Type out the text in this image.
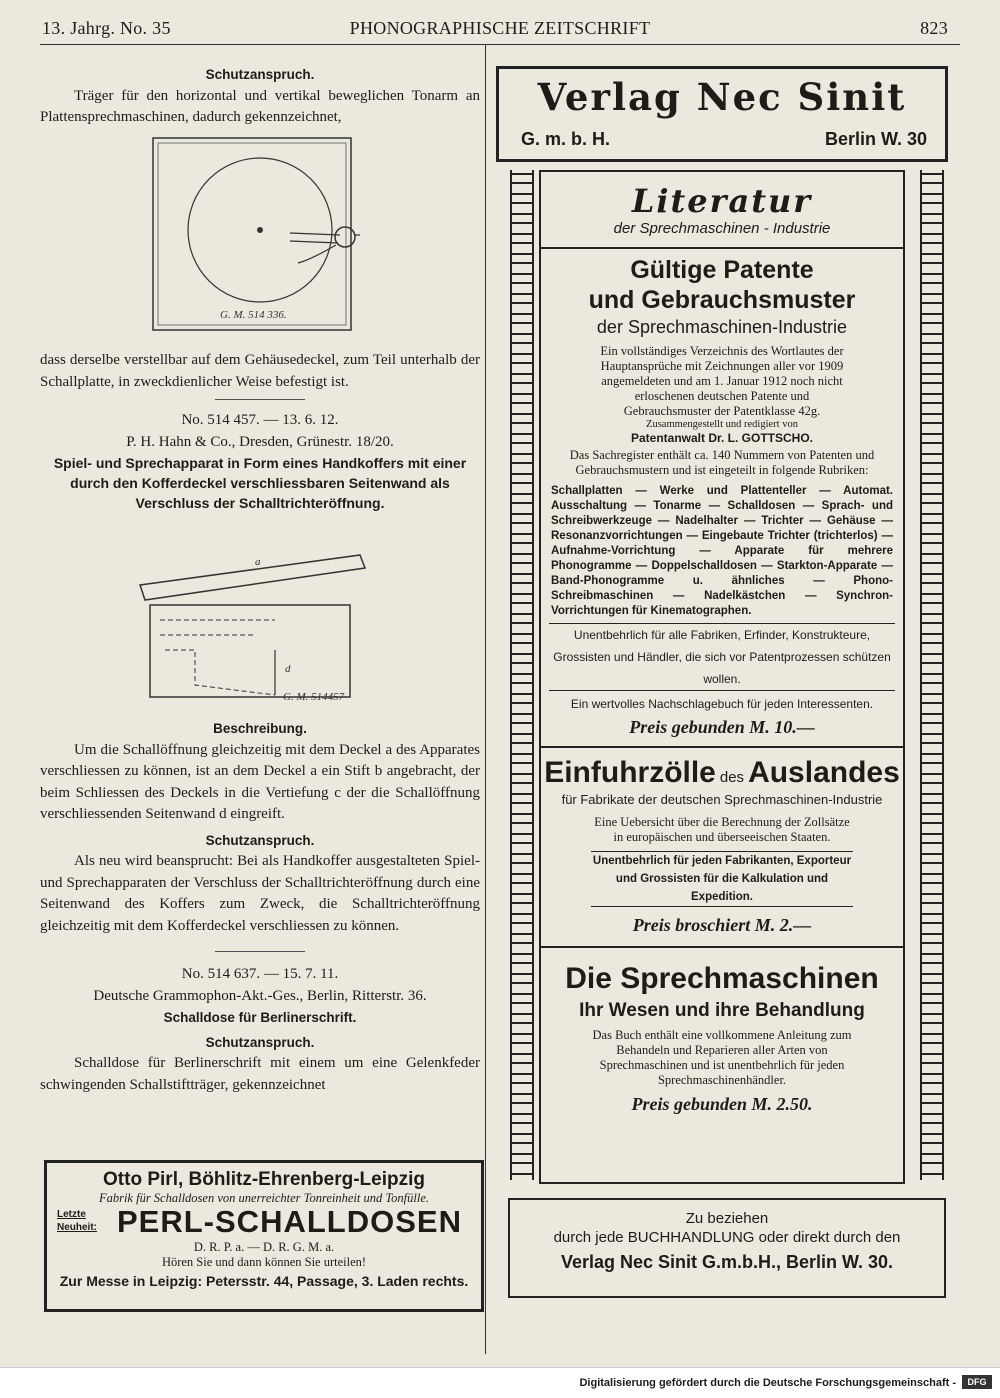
13. Jahrg. No. 35	PHONOGRAPHISCHE ZEITSCHRIFT	823
Schutzanspruch.
Träger für den horizontal und vertikal beweglichen Tonarm an Plattensprechmaschinen, dadurch gekennzeichnet,
G. M. 514 336.
dass derselbe verstellbar auf dem Gehäusedeckel, zum Teil unterhalb der Schallplatte, in zweckdienlicher Weise befestigt ist.
No. 514 457. — 13. 6. 12.
P. H. Hahn & Co., Dresden, Grünestr. 18/20.
Spiel- und Sprechapparat in Form eines Handkoffers mit einer durch den Kofferdeckel verschliessbaren Seitenwand als Verschluss der Schalltrichteröffnung.
a
d
G. M. 514457
Beschreibung.
Um die Schallöffnung gleichzeitig mit dem Deckel a des Apparates verschliessen zu können, ist an dem Deckel a ein Stift b angebracht, der beim Schliessen des Deckels in die Vertiefung c der die Schallöffnung verschliessenden Seitenwand d eingreift.
Schutzanspruch.
Als neu wird beansprucht: Bei als Handkoffer ausgestalteten Spiel- und Sprechapparaten der Verschluss der Schalltrichteröffnung durch eine Seitenwand des Koffers zum Zweck, die Schalltrichteröffnung gleichzeitig mit dem Kofferdeckel verschliessen zu können.
No. 514 637. — 15. 7. 11.
Deutsche Grammophon-Akt.-Ges., Berlin, Ritterstr. 36.
Schalldose für Berlinerschrift.
Schutzanspruch.
Schalldose für Berlinerschrift mit einem um eine Gelenkfeder schwingenden Schallstiftträger, gekennzeichnet
Otto Pirl, Böhlitz-Ehrenberg-Leipzig
Fabrik für Schalldosen von unerreichter Tonreinheit und Tonfülle.
Letzte
Neuheit: PERL-SCHALLDOSEN
D. R. P. a. — D. R. G. M. a.
Hören Sie und dann können Sie urteilen!
Zur Messe in Leipzig: Petersstr. 44, Passage, 3. Laden rechts.
Verlag Nec Sinit
G. m. b. H.	Berlin W. 30
Literatur
der Sprechmaschinen - Industrie
Gültige Patente
und Gebrauchsmuster
der Sprechmaschinen-Industrie
Ein vollständiges Verzeichnis des Wortlautes der Hauptansprüche mit Zeichnungen aller vor 1909 angemeldeten und am 1. Januar 1912 noch nicht erloschenen deutschen Patente und Gebrauchsmuster der Patentklasse 42g.
Zusammengestellt und redigiert von
Patentanwalt Dr. L. GOTTSCHO.
Das Sachregister enthält ca. 140 Nummern von Patenten und Gebrauchsmustern und ist eingeteilt in folgende Rubriken:
Schallplatten — Werke und Plattenteller — Automat. Ausschaltung — Tonarme — Schalldosen — Sprach- und Schreibwerkzeuge — Nadelhalter — Trichter — Gehäuse — Resonanzvorrichtungen — Eingebaute Trichter (trichterlos) — Aufnahme-Vorrichtung — Apparate für mehrere Phonogramme — Doppelschalldosen — Starkton-Apparate — Band-Phonogramme u. ähnliches — Phono-Schreibmaschinen — Nadelkästchen — Synchron-Vorrichtungen für Kinematographen.
Unentbehrlich für alle Fabriken, Erfinder, Konstrukteure, Grossisten und Händler, die sich vor Patentprozessen schützen wollen.
Ein wertvolles Nachschlagebuch für jeden Interessenten.
Preis gebunden M. 10.—
Einfuhrzölle des Auslandes
für Fabrikate der deutschen Sprechmaschinen-Industrie
Eine Uebersicht über die Berechnung der Zollsätze in europäischen und überseeischen Staaten.
Unentbehrlich für jeden Fabrikanten, Exporteur und Grossisten für die Kalkulation und Expedition.
Preis broschiert M. 2.—
Die Sprechmaschinen
Ihr Wesen und ihre Behandlung
Das Buch enthält eine vollkommene Anleitung zum Behandeln und Reparieren aller Arten von Sprechmaschinen und ist unentbehrlich für jeden Sprechmaschinenhändler.
Preis gebunden M. 2.50.
Zu beziehen
durch jede BUCHHANDLUNG oder direkt durch den
Verlag Nec Sinit G.m.b.H., Berlin W. 30.
Digitalisierung gefördert durch die Deutsche Forschungsgemeinschaft -	DFG
